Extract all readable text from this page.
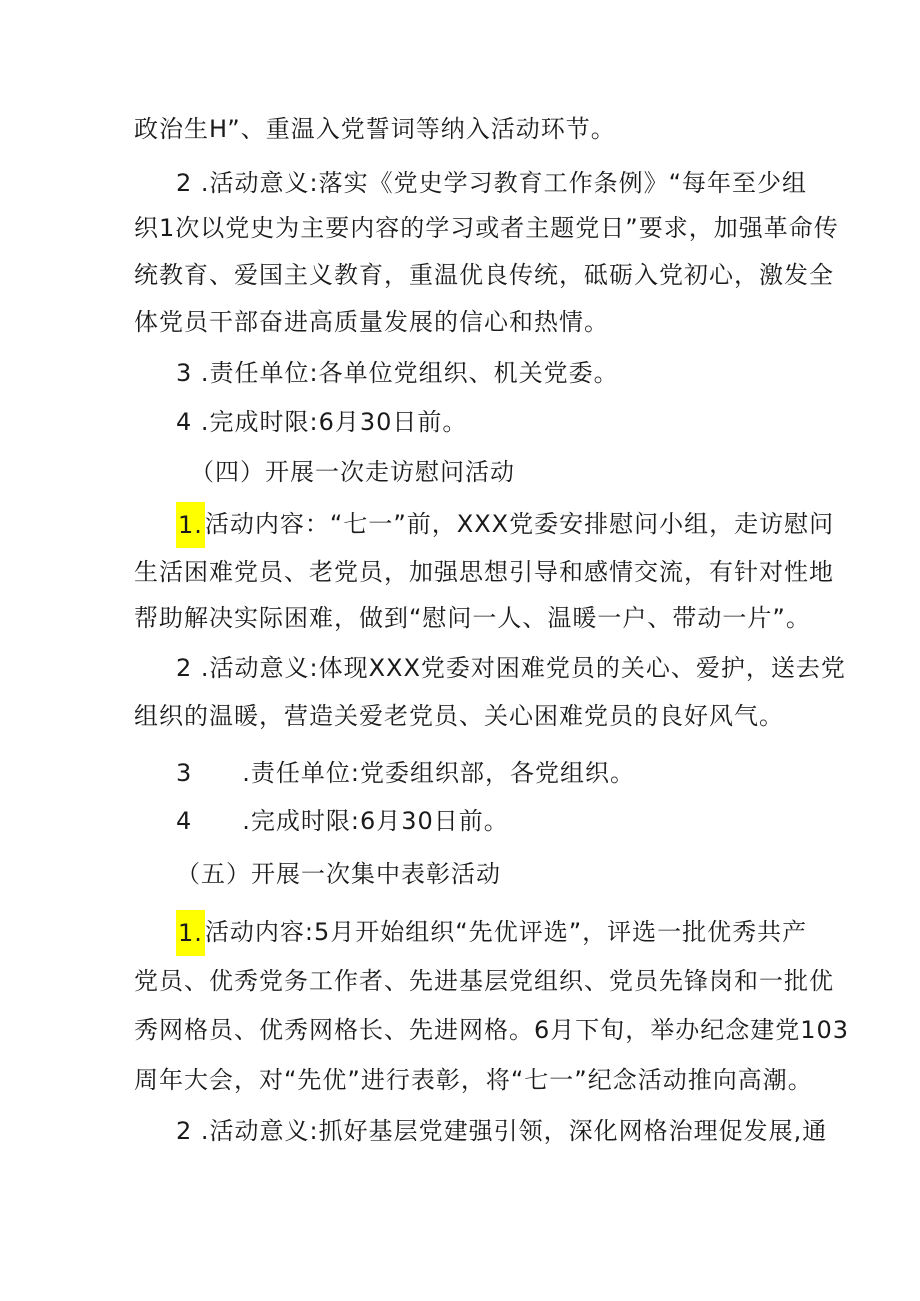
政治生H”、重温入党誓词等纳入活动环节。
2 .活动意义:落实《党史学习教育工作条例》“每年至少组
织1次以党史为主要内容的学习或者主题党日”要求，加强革命传
统教育、爱国主义教育，重温优良传统，砥砺入党初心，激发全
体党员干部奋进高质量发展的信心和热情。
3 .责任单位:各单位党组织、机关党委。
4 .完成时限:6月30日前。
（四）开展一次走访慰问活动
1.活动内容：“七一”前，XXX党委安排慰问小组，走访慰问
生活困难党员、老党员，加强思想引导和感情交流，有针对性地
帮助解决实际困难，做到“慰问一人、温暖一户、带动一片”。
2 .活动意义:体现XXX党委对困难党员的关心、爱护，送去党
组织的温暖，营造关爱老党员、关心困难党员的良好风气。
3　　.责任单位:党委组织部，各党组织。
4　　.完成时限:6月30日前。
（五）开展一次集中表彰活动
1.活动内容:5月开始组织“先优评选”，评选一批优秀共产
党员、优秀党务工作者、先进基层党组织、党员先锋岗和一批优
秀网格员、优秀网格长、先进网格。6月下旬，举办纪念建党103
周年大会，对“先优”进行表彰，将“七一”纪念活动推向高潮。
2 .活动意义:抓好基层党建强引领，深化网格治理促发展,通
